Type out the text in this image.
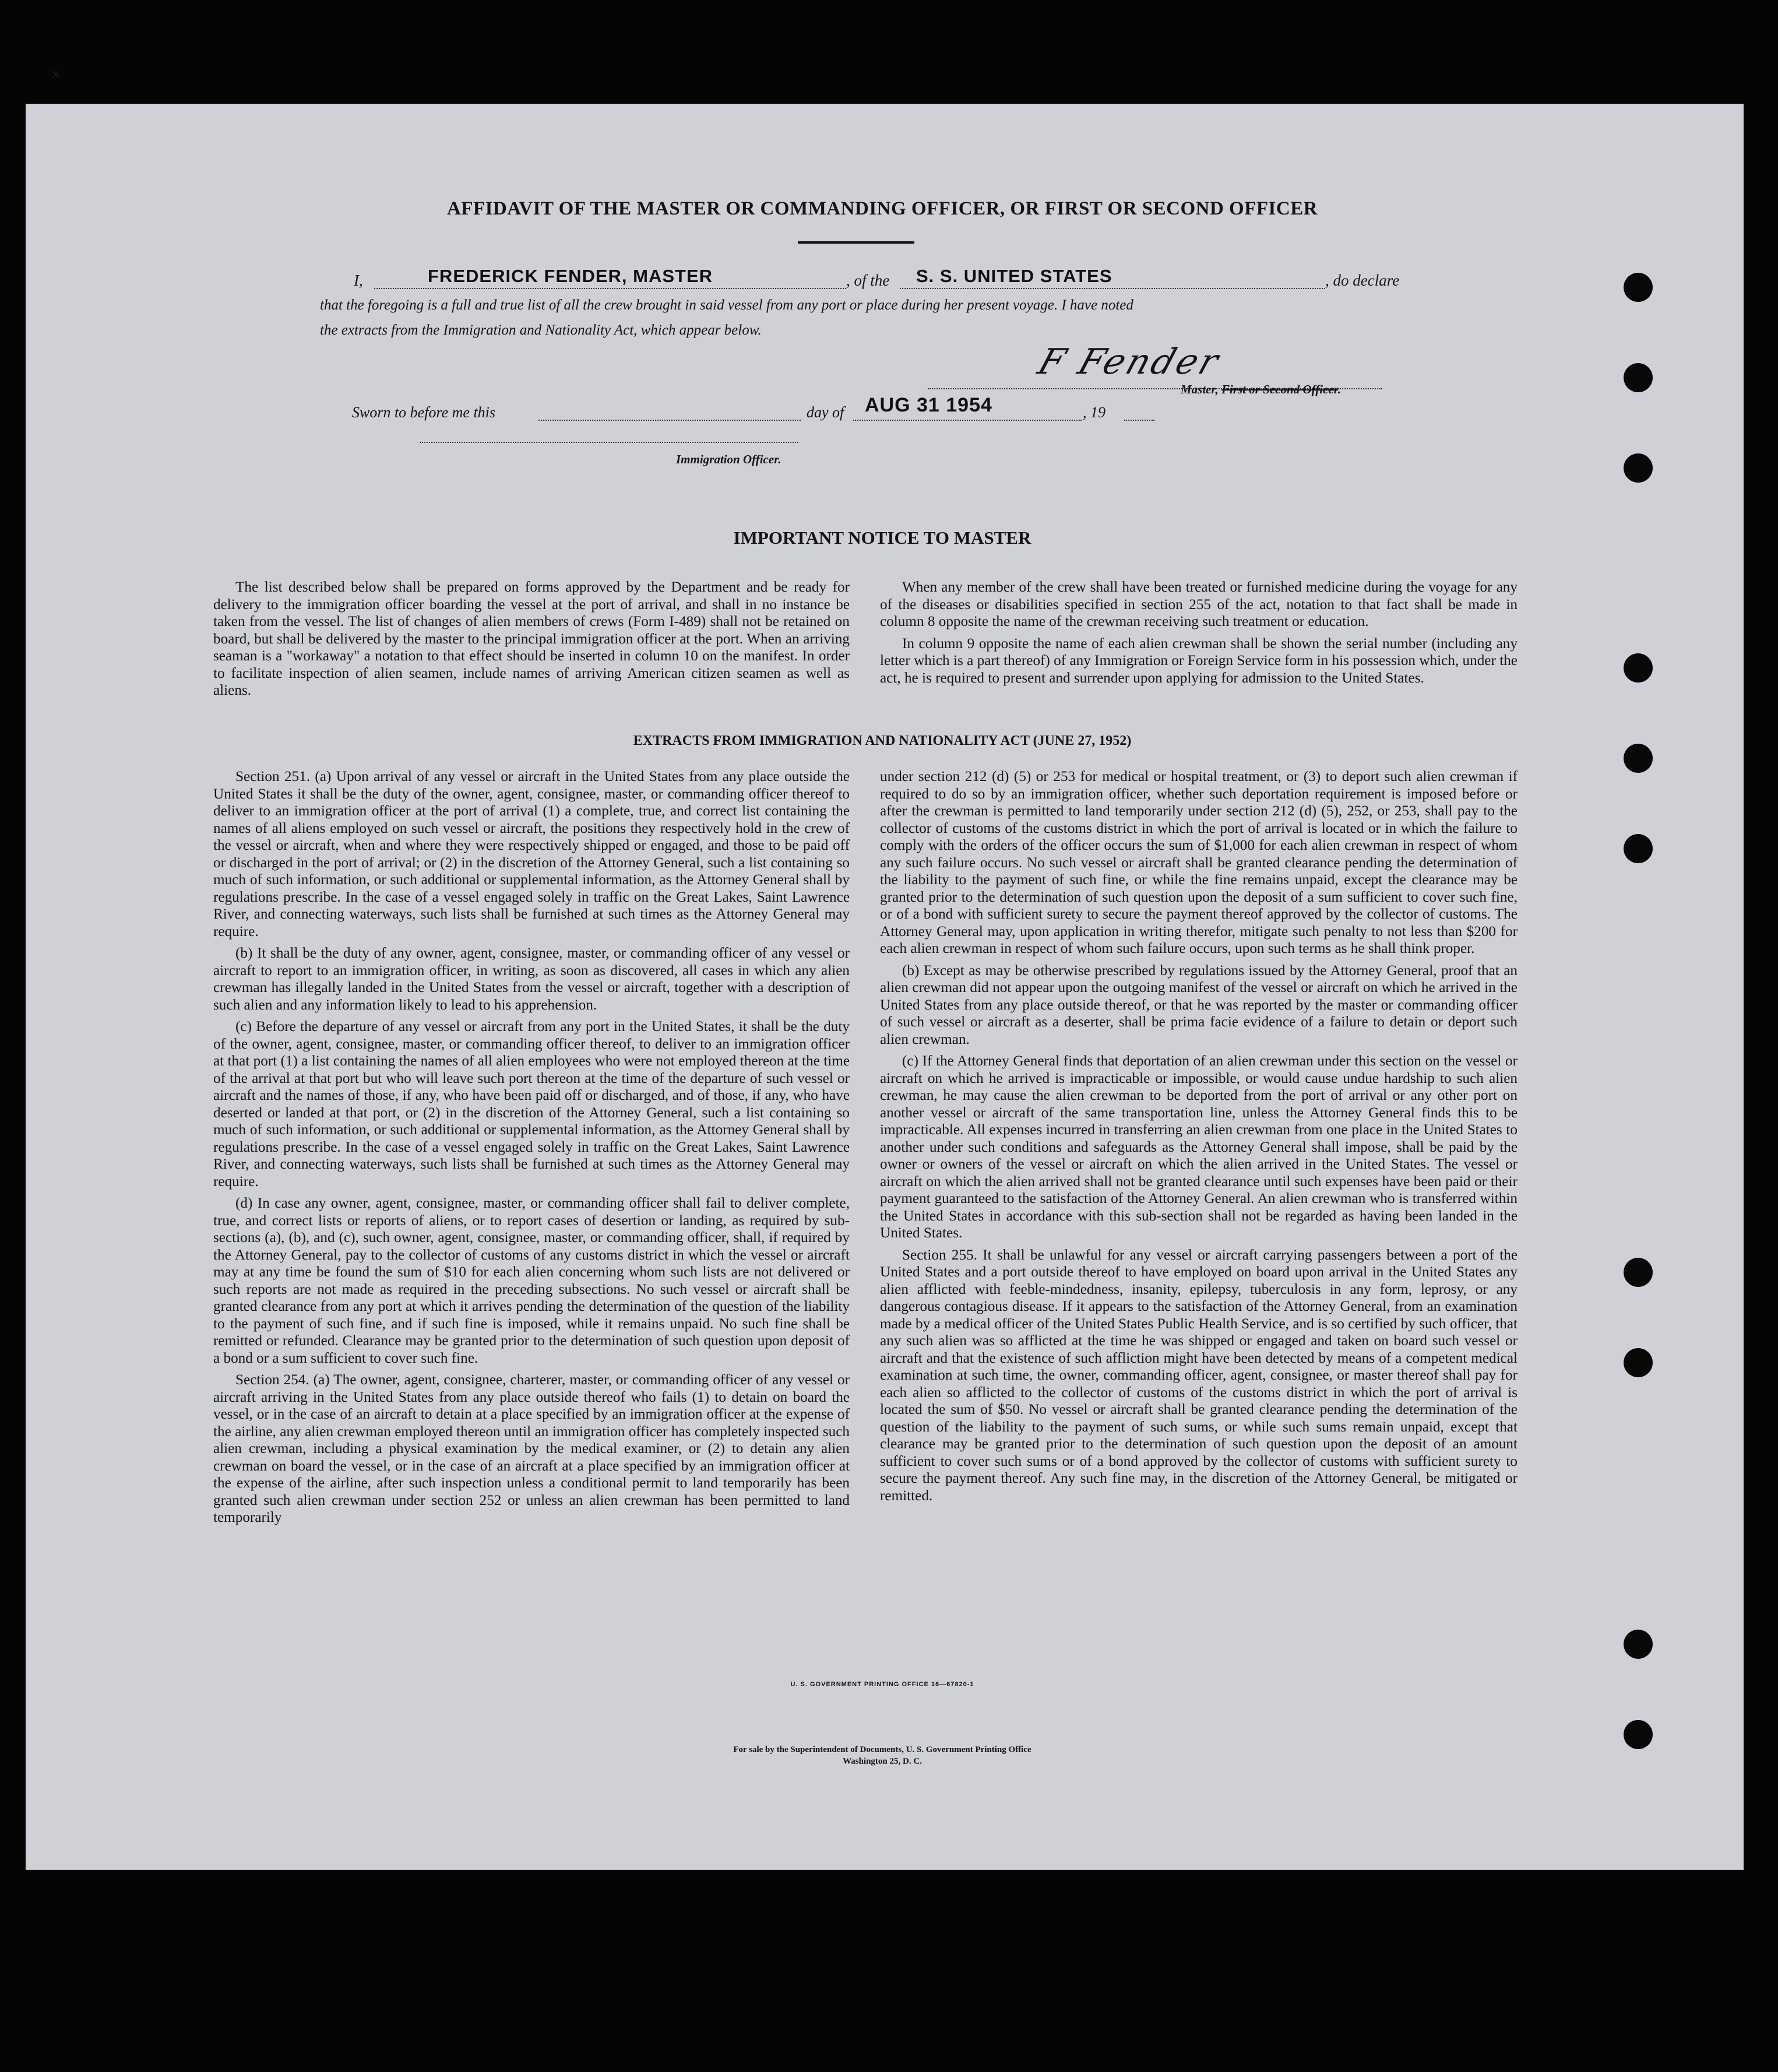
✕
AFFIDAVIT OF THE MASTER OR COMMANDING OFFICER, OR FIRST OR SECOND OFFICER
I,	FREDERICK FENDER, MASTER	, of the S. S. UNITED STATES	, do declare
that the foregoing is a full and true list of all the crew brought in said vessel from any port or place during her present voyage. I have noted
the extracts from the Immigration and Nationality Act, which appear below.
F Fender
Master, First or Second Officer.
Sworn to before me this	day of AUG 31 1954	, 19
Immigration Officer.
IMPORTANT NOTICE TO MASTER

The list described below shall be prepared on forms approved by the Department and be ready for delivery to the immigration officer boarding the vessel at the port of arrival, and shall in no instance be taken from the vessel. The list of changes of alien members of crews (Form I-489) shall not be retained on board, but shall be delivered by the master to the principal immigration officer at the port. When an arriving seaman is a "workaway" a notation to that effect should be inserted in column 10 on the manifest. In order to facilitate inspection of alien seamen, include names of arriving American citizen seamen as well as aliens.

When any member of the crew shall have been treated or furnished medicine during the voyage for any of the diseases or disabilities specified in section 255 of the act, notation to that fact shall be made in column 8 opposite the name of the crewman receiving such treatment or education.

In column 9 opposite the name of each alien crewman shall be shown the serial number (including any letter which is a part thereof) of any Immigration or Foreign Service form in his possession which, under the act, he is required to present and surrender upon applying for admission to the United States.

EXTRACTS FROM IMMIGRATION AND NATIONALITY ACT (JUNE 27, 1952)

Section 251. (a) Upon arrival of any vessel or aircraft in the United States from any place outside the United States it shall be the duty of the owner, agent, consignee, master, or commanding officer thereof to deliver to an immigration officer at the port of arrival (1) a complete, true, and correct list containing the names of all aliens employed on such vessel or aircraft, the positions they respectively hold in the crew of the vessel or aircraft, when and where they were respectively shipped or engaged, and those to be paid off or discharged in the port of arrival; or (2) in the discretion of the Attorney General, such a list containing so much of such information, or such additional or supplemental information, as the Attorney General shall by regulations prescribe. In the case of a vessel engaged solely in traffic on the Great Lakes, Saint Lawrence River, and connecting waterways, such lists shall be furnished at such times as the Attorney General may require.

(b) It shall be the duty of any owner, agent, consignee, master, or commanding officer of any vessel or aircraft to report to an immigration officer, in writing, as soon as discovered, all cases in which any alien crewman has illegally landed in the United States from the vessel or aircraft, together with a description of such alien and any information likely to lead to his apprehension.

(c) Before the departure of any vessel or aircraft from any port in the United States, it shall be the duty of the owner, agent, consignee, master, or commanding officer thereof, to deliver to an immigration officer at that port (1) a list containing the names of all alien employees who were not employed thereon at the time of the arrival at that port but who will leave such port thereon at the time of the departure of such vessel or aircraft and the names of those, if any, who have been paid off or discharged, and of those, if any, who have deserted or landed at that port, or (2) in the discretion of the Attorney General, such a list containing so much of such information, or such additional or supplemental information, as the Attorney General shall by regulations prescribe. In the case of a vessel engaged solely in traffic on the Great Lakes, Saint Lawrence River, and connecting waterways, such lists shall be furnished at such times as the Attorney General may require.

(d) In case any owner, agent, consignee, master, or commanding officer shall fail to deliver complete, true, and correct lists or reports of aliens, or to report cases of desertion or landing, as required by sub-sections (a), (b), and (c), such owner, agent, consignee, master, or commanding officer, shall, if required by the Attorney General, pay to the collector of customs of any customs district in which the vessel or aircraft may at any time be found the sum of $10 for each alien concerning whom such lists are not delivered or such reports are not made as required in the preceding subsections. No such vessel or aircraft shall be granted clearance from any port at which it arrives pending the determination of the question of the liability to the payment of such fine, and if such fine is imposed, while it remains unpaid. No such fine shall be remitted or refunded. Clearance may be granted prior to the determination of such question upon deposit of a bond or a sum sufficient to cover such fine.

Section 254. (a) The owner, agent, consignee, charterer, master, or commanding officer of any vessel or aircraft arriving in the United States from any place outside thereof who fails (1) to detain on board the vessel, or in the case of an aircraft to detain at a place specified by an immigration officer at the expense of the airline, any alien crewman employed thereon until an immigration officer has completely inspected such alien crewman, including a physical examination by the medical examiner, or (2) to detain any alien crewman on board the vessel, or in the case of an aircraft at a place specified by an immigration officer at the expense of the airline, after such inspection unless a conditional permit to land temporarily has been granted such alien crewman under section 252 or unless an alien crewman has been permitted to land temporarily

under section 212 (d) (5) or 253 for medical or hospital treatment, or (3) to deport such alien crewman if required to do so by an immigration officer, whether such deportation requirement is imposed before or after the crewman is permitted to land temporarily under section 212 (d) (5), 252, or 253, shall pay to the collector of customs of the customs district in which the port of arrival is located or in which the failure to comply with the orders of the officer occurs the sum of $1,000 for each alien crewman in respect of whom any such failure occurs. No such vessel or aircraft shall be granted clearance pending the determination of the liability to the payment of such fine, or while the fine remains unpaid, except the clearance may be granted prior to the determination of such question upon the deposit of a sum sufficient to cover such fine, or of a bond with sufficient surety to secure the payment thereof approved by the collector of customs. The Attorney General may, upon application in writing therefor, mitigate such penalty to not less than $200 for each alien crewman in respect of whom such failure occurs, upon such terms as he shall think proper.

(b) Except as may be otherwise prescribed by regulations issued by the Attorney General, proof that an alien crewman did not appear upon the outgoing manifest of the vessel or aircraft on which he arrived in the United States from any place outside thereof, or that he was reported by the master or commanding officer of such vessel or aircraft as a deserter, shall be prima facie evidence of a failure to detain or deport such alien crewman.

(c) If the Attorney General finds that deportation of an alien crewman under this section on the vessel or aircraft on which he arrived is impracticable or impossible, or would cause undue hardship to such alien crewman, he may cause the alien crewman to be deported from the port of arrival or any other port on another vessel or aircraft of the same transportation line, unless the Attorney General finds this to be impracticable. All expenses incurred in transferring an alien crewman from one place in the United States to another under such conditions and safeguards as the Attorney General shall impose, shall be paid by the owner or owners of the vessel or aircraft on which the alien arrived in the United States. The vessel or aircraft on which the alien arrived shall not be granted clearance until such expenses have been paid or their payment guaranteed to the satisfaction of the Attorney General. An alien crewman who is transferred within the United States in accordance with this sub-section shall not be regarded as having been landed in the United States.

Section 255. It shall be unlawful for any vessel or aircraft carrying passengers between a port of the United States and a port outside thereof to have employed on board upon arrival in the United States any alien afflicted with feeble-mindedness, insanity, epilepsy, tuberculosis in any form, leprosy, or any dangerous contagious disease. If it appears to the satisfaction of the Attorney General, from an examination made by a medical officer of the United States Public Health Service, and is so certified by such officer, that any such alien was so afflicted at the time he was shipped or engaged and taken on board such vessel or aircraft and that the existence of such affliction might have been detected by means of a competent medical examination at such time, the owner, commanding officer, agent, consignee, or master thereof shall pay for each alien so afflicted to the collector of customs of the customs district in which the port of arrival is located the sum of $50. No vessel or aircraft shall be granted clearance pending the determination of the question of the liability to the payment of such sums, or while such sums remain unpaid, except that clearance may be granted prior to the determination of such question upon the deposit of an amount sufficient to cover such sums or of a bond approved by the collector of customs with sufficient surety to secure the payment thereof. Any such fine may, in the discretion of the Attorney General, be mitigated or remitted.

U. S. GOVERNMENT PRINTING OFFICE 16—67820-1
For sale by the Superintendent of Documents, U. S. Government Printing Office
Washington 25, D. C.
